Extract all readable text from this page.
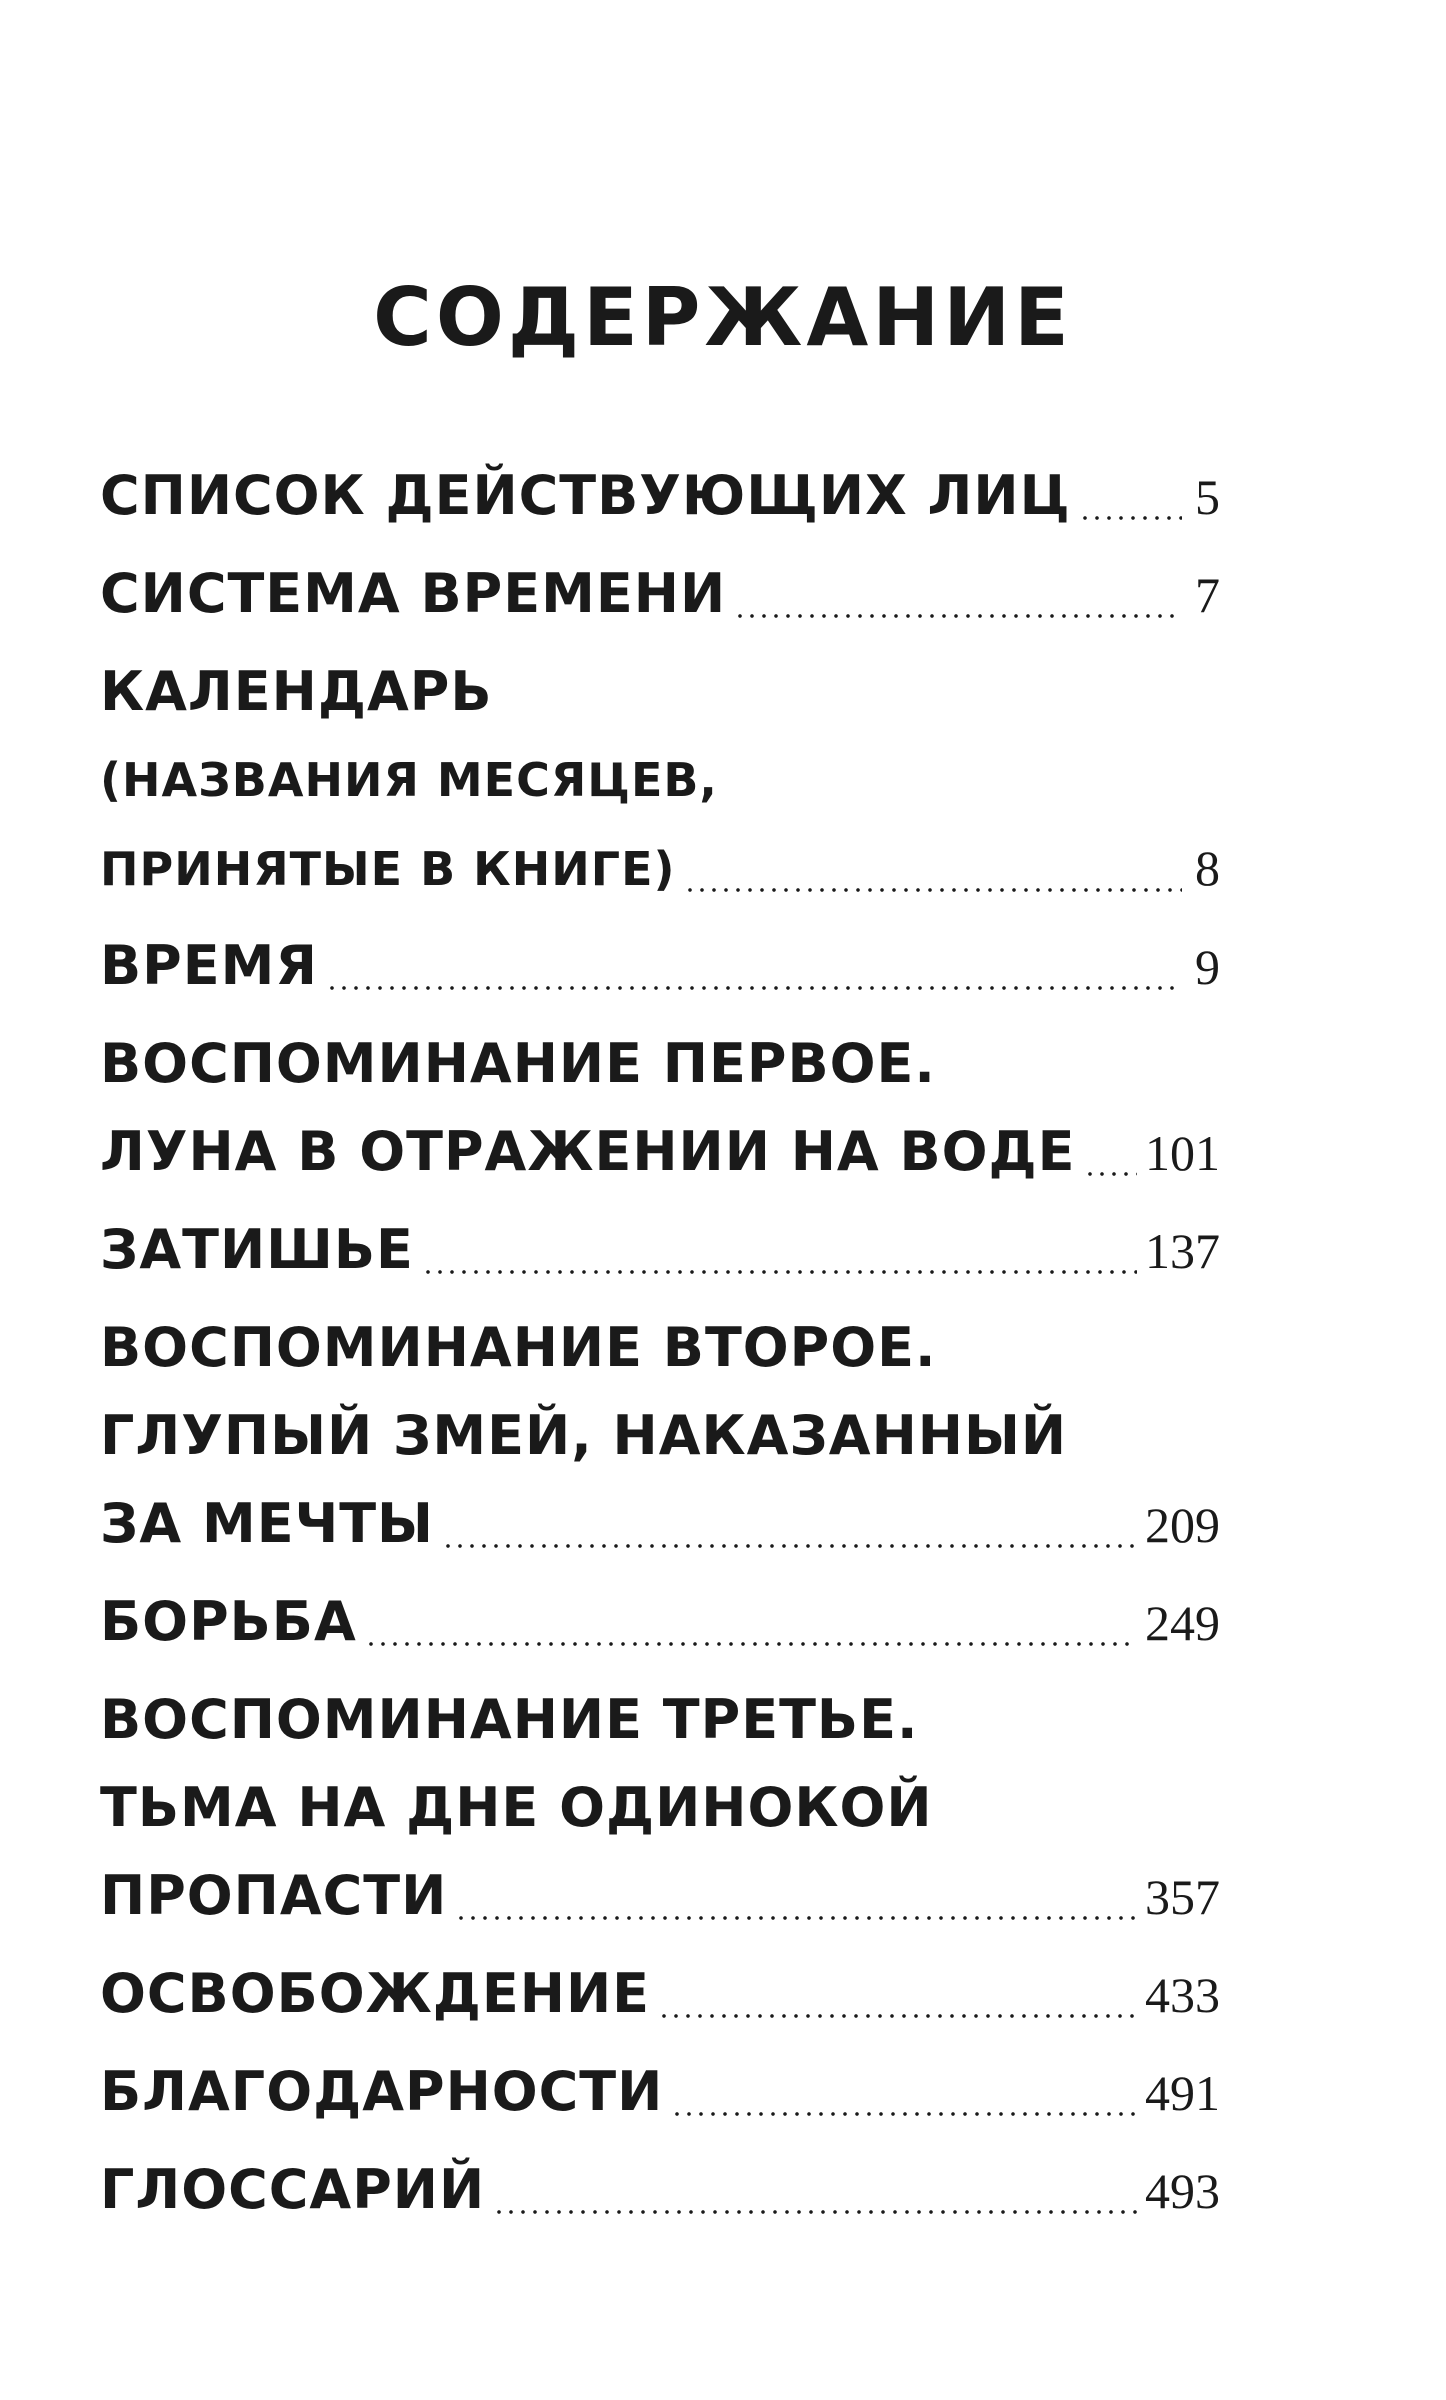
СОДЕРЖАНИЕ
СПИСОК ДЕЙСТВУЮЩИХ ЛИЦ 5
СИСТЕМА ВРЕМЕНИ	7
КАЛЕНДАРЬ
(НАЗВАНИЯ МЕСЯЦЕВ,
ПРИНЯТЫЕ В КНИГЕ)	8
ВРЕМЯ	9
ВОСПОМИНАНИЕ ПЕРВОЕ.
ЛУНА В ОТРАЖЕНИИ НА ВОДЕ 101
ЗАТИШЬЕ	137
ВОСПОМИНАНИЕ ВТОРОЕ.
ГЛУПЫЙ ЗМЕЙ, НАКАЗАННЫЙ
ЗА МЕЧТЫ	209
БОРЬБА	249
ВОСПОМИНАНИЕ ТРЕТЬЕ.
ТЬМА НА ДНЕ ОДИНОКОЙ
ПРОПАСТИ	357
ОСВОБОЖДЕНИЕ	433
БЛАГОДАРНОСТИ	491
ГЛОССАРИЙ	493
